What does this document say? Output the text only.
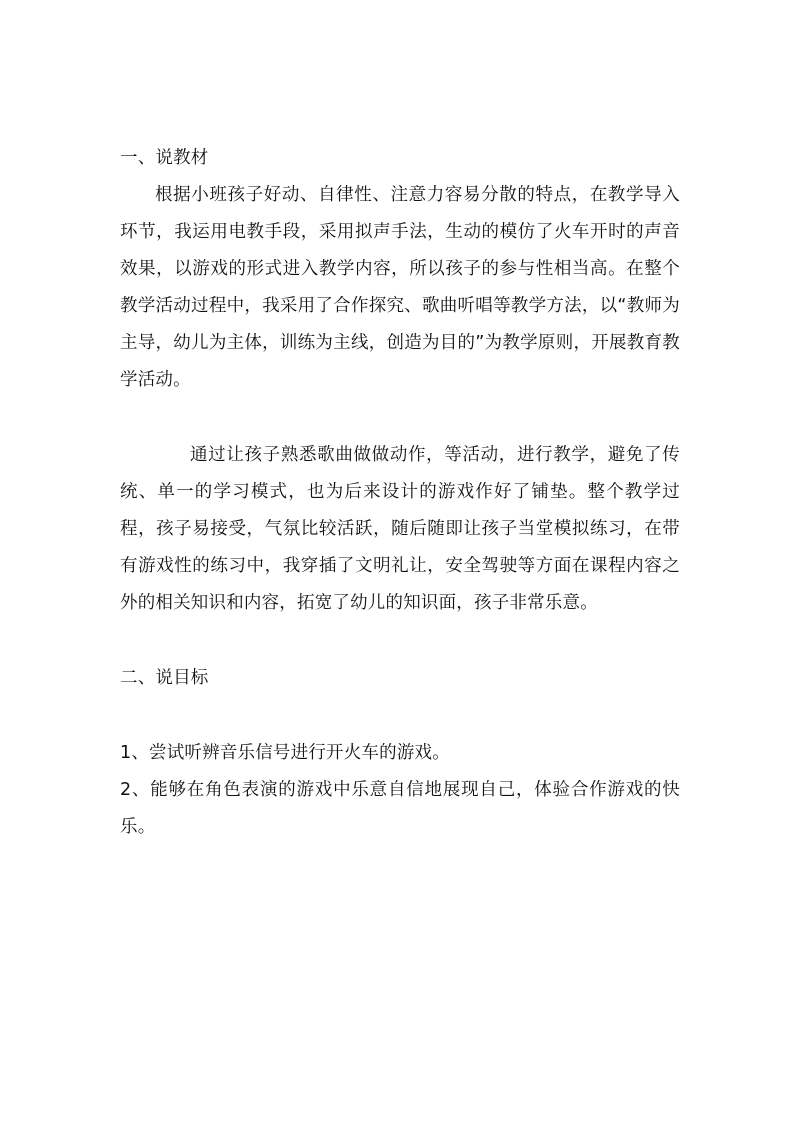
一、说教材

根据小班孩子好动、自律性、注意力容易分散的特点，在教学导入环节，我运用电教手段，采用拟声手法，生动的模仿了火车开时的声音效果，以游戏的形式进入教学内容，所以孩子的参与性相当高。在整个教学活动过程中，我采用了合作探究、歌曲听唱等教学方法，以“教师为主导，幼儿为主体，训练为主线，创造为目的”为教学原则，开展教育教学活动。

通过让孩子熟悉歌曲做做动作，等活动，进行教学，避免了传统、单一的学习模式，也为后来设计的游戏作好了铺垫。整个教学过程，孩子易接受，气氛比较活跃，随后随即让孩子当堂模拟练习，在带有游戏性的练习中，我穿插了文明礼让，安全驾驶等方面在课程内容之外的相关知识和内容，拓宽了幼儿的知识面，孩子非常乐意。

二、说目标

1、尝试听辨音乐信号进行开火车的游戏。

2、能够在角色表演的游戏中乐意自信地展现自己，体验合作游戏的快乐。
